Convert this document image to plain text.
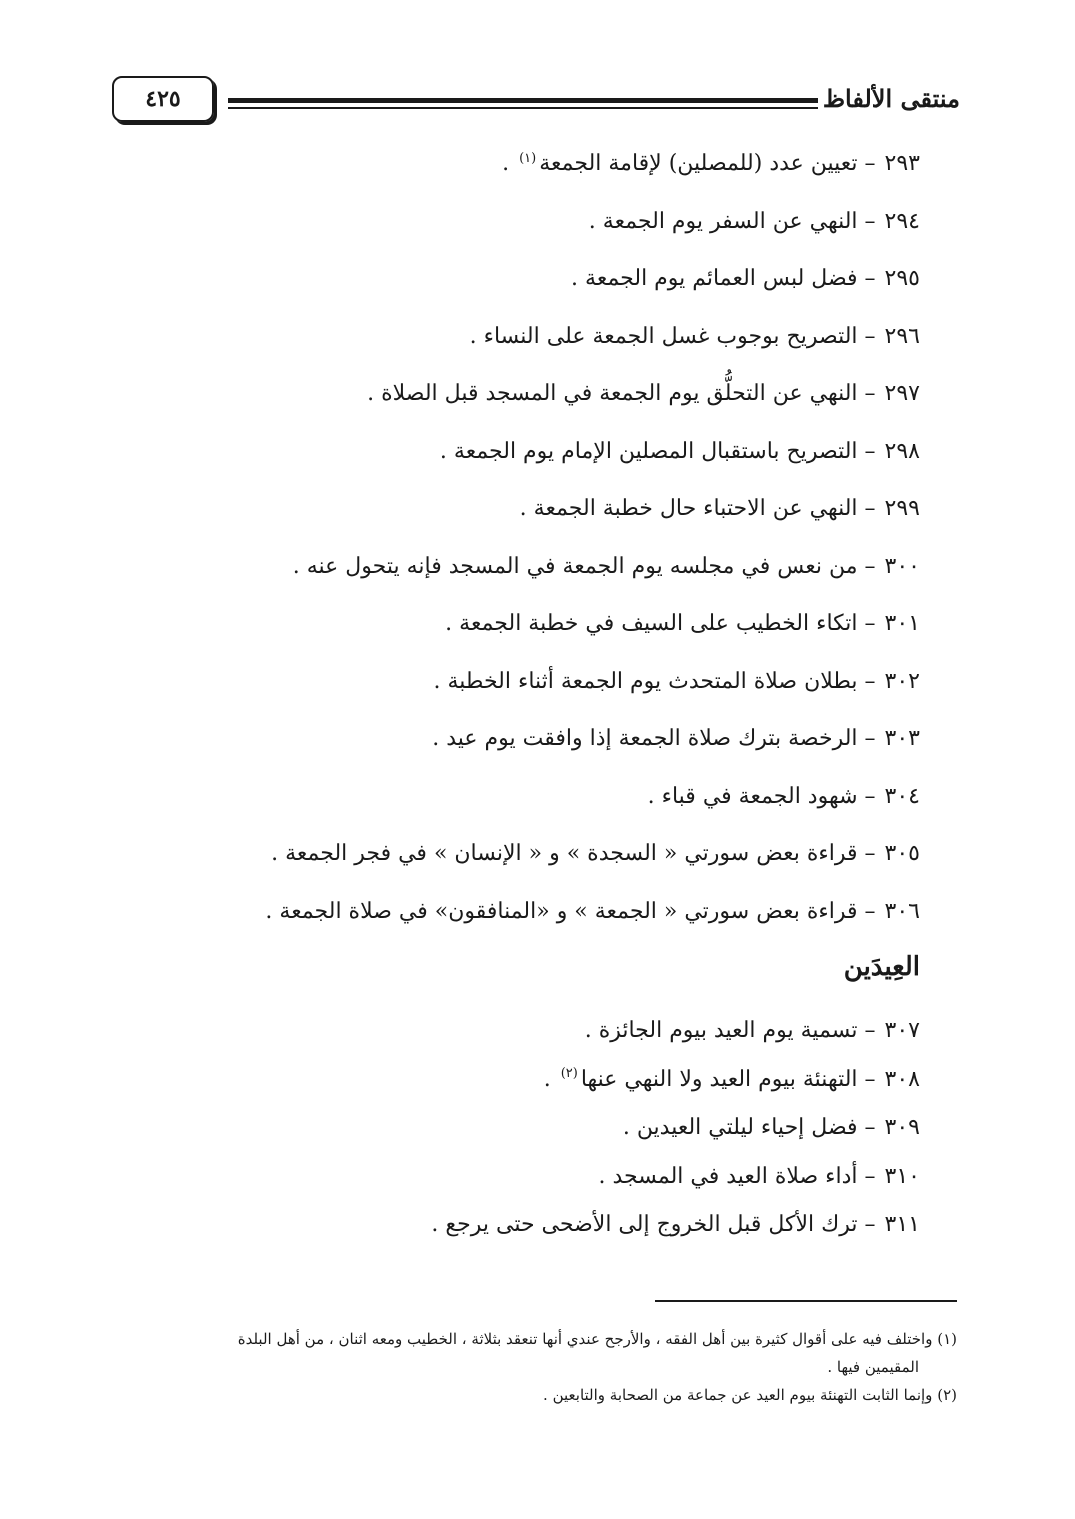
منتقى الألفاظ
٤٢٥
٢٩٣ – تعيين عدد (للمصلين) لإقامة الجمعة$^{(١)}$ .
٢٩٤ – النهي عن السفر يوم الجمعة .
٢٩٥ – فضل لبس العمائم يوم الجمعة .
٢٩٦ – التصريح بوجوب غسل الجمعة على النساء .
٢٩٧ – النهي عن التحلُّق يوم الجمعة في المسجد قبل الصلاة .
٢٩٨ – التصريح باستقبال المصلين الإمام يوم الجمعة .
٢٩٩ – النهي عن الاحتباء حال خطبة الجمعة .
٣٠٠ – من نعس في مجلسه يوم الجمعة في المسجد فإنه يتحول عنه .
٣٠١ – اتكاء الخطيب على السيف في خطبة الجمعة .
٣٠٢ – بطلان صلاة المتحدث يوم الجمعة أثناء الخطبة .
٣٠٣ – الرخصة بترك صلاة الجمعة إذا وافقت يوم عيد .
٣٠٤ – شهود الجمعة في قباء .
٣٠٥ – قراءة بعض سورتي « السجدة » و « الإنسان » في فجر الجمعة .
٣٠٦ – قراءة بعض سورتي « الجمعة » و «المنافقون» في صلاة الجمعة .
العِيدَين
٣٠٧ – تسمية يوم العيد بيوم الجائزة .
٣٠٨ – التهنئة بيوم العيد ولا النهي عنها$^{(٢)}$ .
٣٠٩ – فضل إحياء ليلتي العيدين .
٣١٠ – أداء صلاة العيد في المسجد .
٣١١ – ترك الأكل قبل الخروج إلى الأضحى حتى يرجع .
(١) واختلف فيه على أقوال كثيرة بين أهل الفقه ، والأرجح عندي أنها تنعقد بثلاثة ، الخطيب ومعه اثنان ، من أهل البلدة
المقيمين فيها .
(٢) وإنما الثابت التهنئة بيوم العيد عن جماعة من الصحابة والتابعين .
